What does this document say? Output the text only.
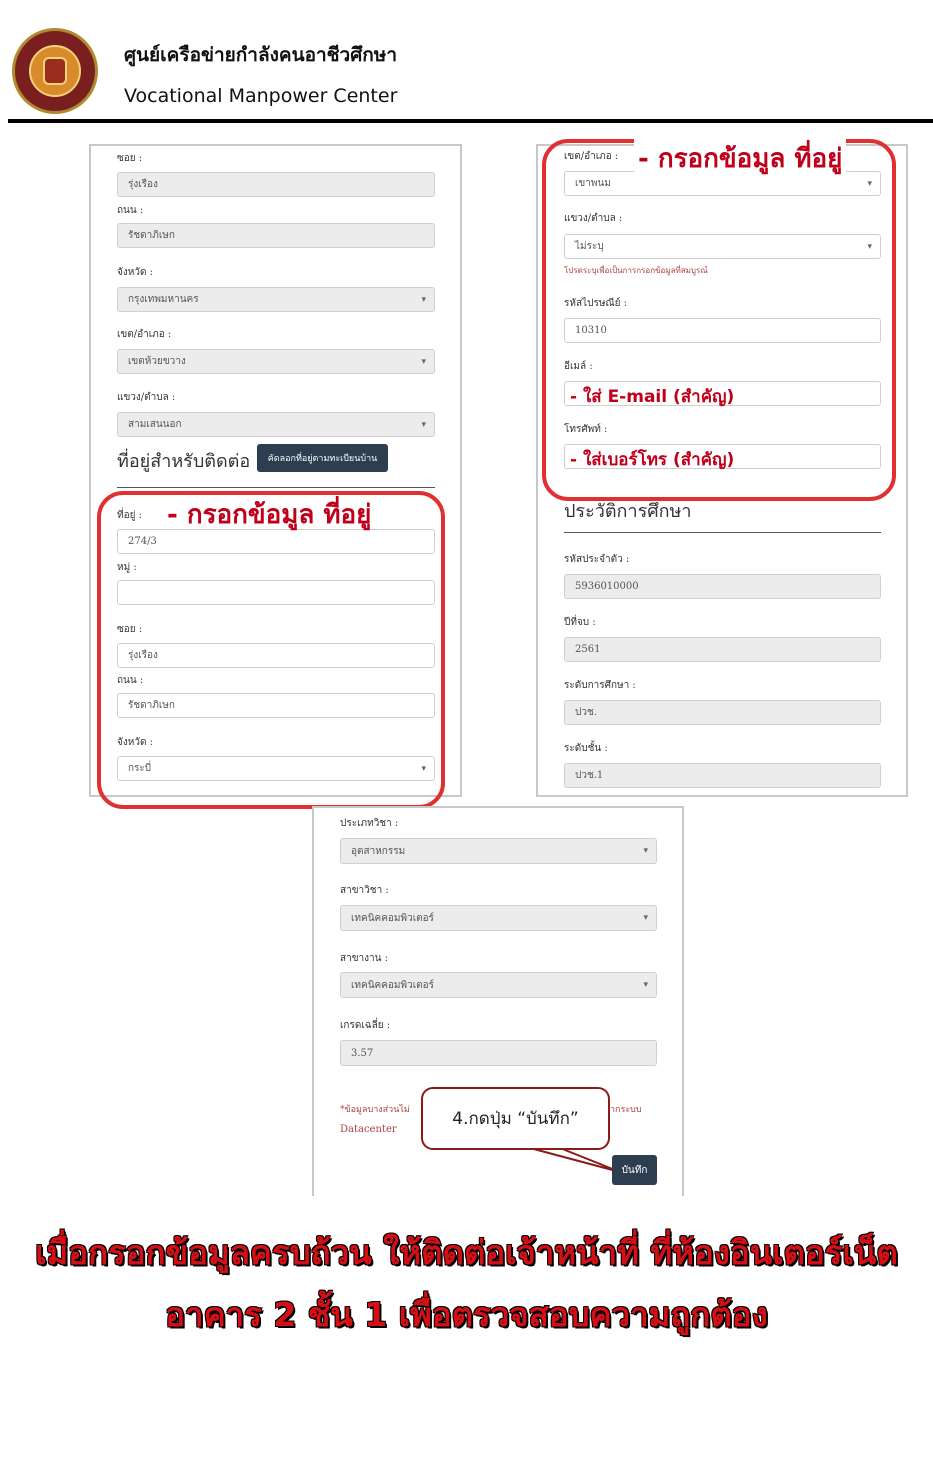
ศูนย์เครือข่ายกำลังคนอาชีวศึกษา
Vocational Manpower Center
ซอย :
รุ่งเรือง
ถนน :
รัชดาภิเษก
จังหวัด :
กรุงเทพมหานคร ▾
เขต/อำเภอ :
เขตห้วยขวาง ▾
แขวง/ตำบล :
สามเสนนอก ▾
ที่อยู่สำหรับติดต่อ	คัดลอกที่อยู่ตามทะเบียนบ้าน
ที่อยู่ :
274/3
หมู่ :
ซอย :
รุ่งเรือง
ถนน :
รัชดาภิเษก
จังหวัด :
กระบี่ ▾
- กรอกข้อมูล ที่อยู่
เขต/อำเภอ :
เขาพนม ▾
แขวง/ตำบล :
ไม่ระบุ ▾
โปรดระบุเพื่อเป็นการกรอกข้อมูลที่สมบูรณ์
รหัสไปรษณีย์ :
10310
อีเมล์ :
- ใส่ E-mail (สำคัญ)
โทรศัพท์ :
- ใส่เบอร์โทร (สำคัญ)
- กรอกข้อมูล ที่อยู่
ประวัติการศึกษา
รหัสประจำตัว :
5936010000
ปีที่จบ :
2561
ระดับการศึกษา :
ปวช.
ระดับชั้น :
ปวช.1
ประเภทวิชา :
อุตสาหกรรม ▾
สาขาวิชา :
เทคนิคคอมพิวเตอร์ ▾
สาขางาน :
เทคนิคคอมพิวเตอร์ ▾
เกรดเฉลี่ย :
3.57
*ข้อมูลบางส่วนไม่	ากระบบ
Datacenter
4.กดปุ่ม “บันทึก”
บันทึก
เมื่อกรอกข้อมูลครบถ้วน ให้ติดต่อเจ้าหน้าที่ ที่ห้องอินเตอร์เน็ต
อาคาร 2 ชั้น 1 เพื่อตรวจสอบความถูกต้อง
